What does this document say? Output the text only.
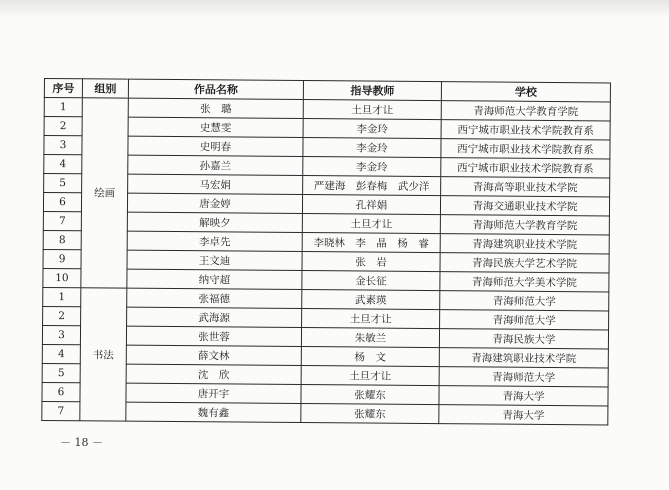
序号	组别	作品名称	指导教师	学校
1	绘画	张　璐	土旦才让	青海师范大学教育学院
2		史慧雯	李金玲	西宁城市职业技术学院教育系
3		史明春	李金玲	西宁城市职业技术学院教育系
4		孙嘉兰	李金玲	西宁城市职业技术学院教育系
5		马宏娟	严建海　彭春梅　武少洋	青海高等职业技术学院
6		唐金婷	孔祥娟	青海交通职业技术学院
7		解映夕	土旦才让	青海师范大学教育学院
8		李卓先	李晓林　李　晶　杨　睿	青海建筑职业技术学院
9		王文迪	张　岩	青海民族大学艺术学院
10		纳守超	金长征	青海师范大学美术学院
1	书法	张福德	武素瑛	青海师范大学
2		武海源	土旦才让	青海师范大学
3		张世蓉	朱敏兰	青海民族大学
4		薛文林	杨　文	青海建筑职业技术学院
5		沈　欣	土旦才让	青海师范大学
6		唐开宇	张耀东	青海大学
7		魏有鑫	张耀东	青海大学
－ 18 －
